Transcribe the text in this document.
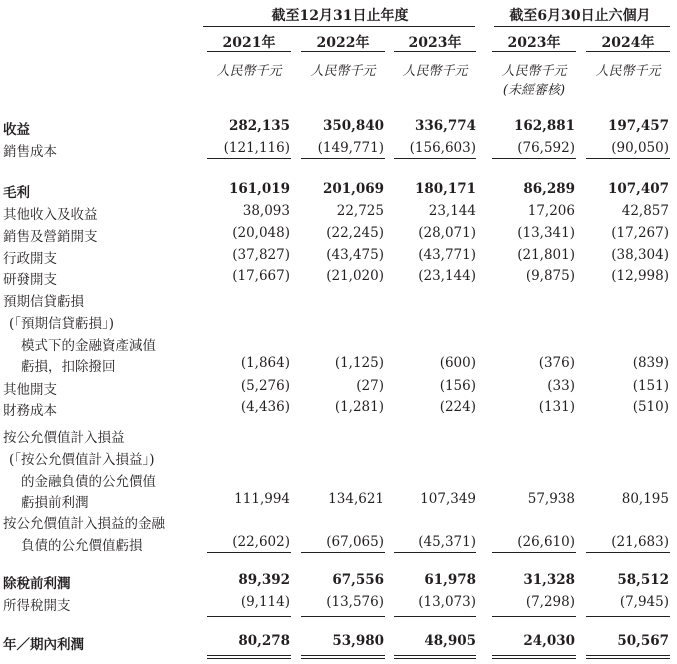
截至12月31日止年度	截至6月30日止六個月
2021年	2022年	2023年	2023年	2024年
人民幣千元	人民幣千元	人民幣千元	人民幣千元	人民幣千元
(未經審核)
收益	282,135	350,840	336,774	162,881	197,457
銷售成本	(121,116)	(149,771)	(156,603)	(76,592)	(90,050)
毛利	161,019	201,069	180,171	86,289	107,407
其他收入及收益	38,093	22,725	23,144	17,206	42,857
銷售及營銷開支	(20,048)	(22,245)	(28,071)	(13,341)	(17,267)
行政開支	(37,827)	(43,475)	(43,771)	(21,801)	(38,304)
研發開支	(17,667)	(21,020)	(23,144)	(9,875)	(12,998)
預期信貸虧損
(「預期信貸虧損」)
模式下的金融資產減值
虧損，扣除撥回	(1,864)	(1,125)	(600)	(376)	(839)
其他開支	(5,276)	(27)	(156)	(33)	(151)
財務成本	(4,436)	(1,281)	(224)	(131)	(510)
按公允價值計入損益
(「按公允價值計入損益」)
的金融負債的公允價值
虧損前利潤	111,994	134,621	107,349	57,938	80,195
按公允價值計入損益的金融
負債的公允價值虧損	(22,602)	(67,065)	(45,371)	(26,610)	(21,683)
除稅前利潤	89,392	67,556	61,978	31,328	58,512
所得稅開支	(9,114)	(13,576)	(13,073)	(7,298)	(7,945)
年／期內利潤	80,278	53,980	48,905	24,030	50,567
